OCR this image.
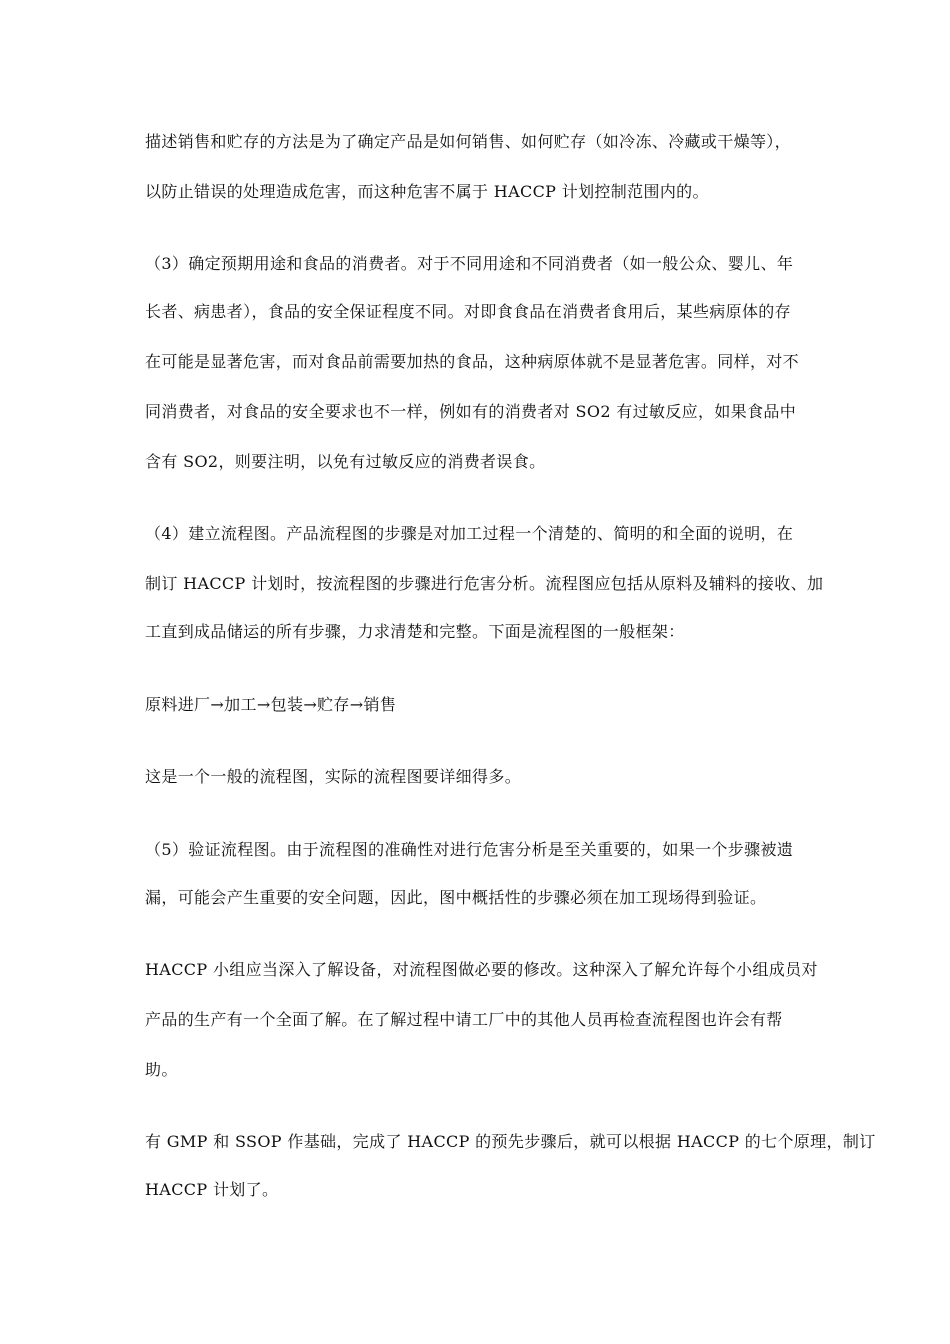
描述销售和贮存的方法是为了确定产品是如何销售、如何贮存（如冷冻、冷藏或干燥等），
以防止错误的处理造成危害，而这种危害不属于 HACCP 计划控制范围内的。
（3）确定预期用途和食品的消费者。对于不同用途和不同消费者（如一般公众、婴儿、年
长者、病患者），食品的安全保证程度不同。对即食食品在消费者食用后，某些病原体的存
在可能是显著危害，而对食品前需要加热的食品，这种病原体就不是显著危害。同样，对不
同消费者，对食品的安全要求也不一样，例如有的消费者对 SO2 有过敏反应，如果食品中
含有 SO2，则要注明，以免有过敏反应的消费者误食。
（4）建立流程图。产品流程图的步骤是对加工过程一个清楚的、简明的和全面的说明，在
制订 HACCP 计划时，按流程图的步骤进行危害分析。流程图应包括从原料及辅料的接收、加
工直到成品储运的所有步骤，力求清楚和完整。下面是流程图的一般框架：
原料进厂→加工→包装→贮存→销售
这是一个一般的流程图，实际的流程图要详细得多。
（5）验证流程图。由于流程图的准确性对进行危害分析是至关重要的，如果一个步骤被遗
漏，可能会产生重要的安全问题，因此，图中概括性的步骤必须在加工现场得到验证。
HACCP 小组应当深入了解设备，对流程图做必要的修改。这种深入了解允许每个小组成员对
产品的生产有一个全面了解。在了解过程中请工厂中的其他人员再检查流程图也许会有帮
助。
有 GMP 和 SSOP 作基础，完成了 HACCP 的预先步骤后，就可以根据 HACCP 的七个原理，制订
HACCP 计划了。
